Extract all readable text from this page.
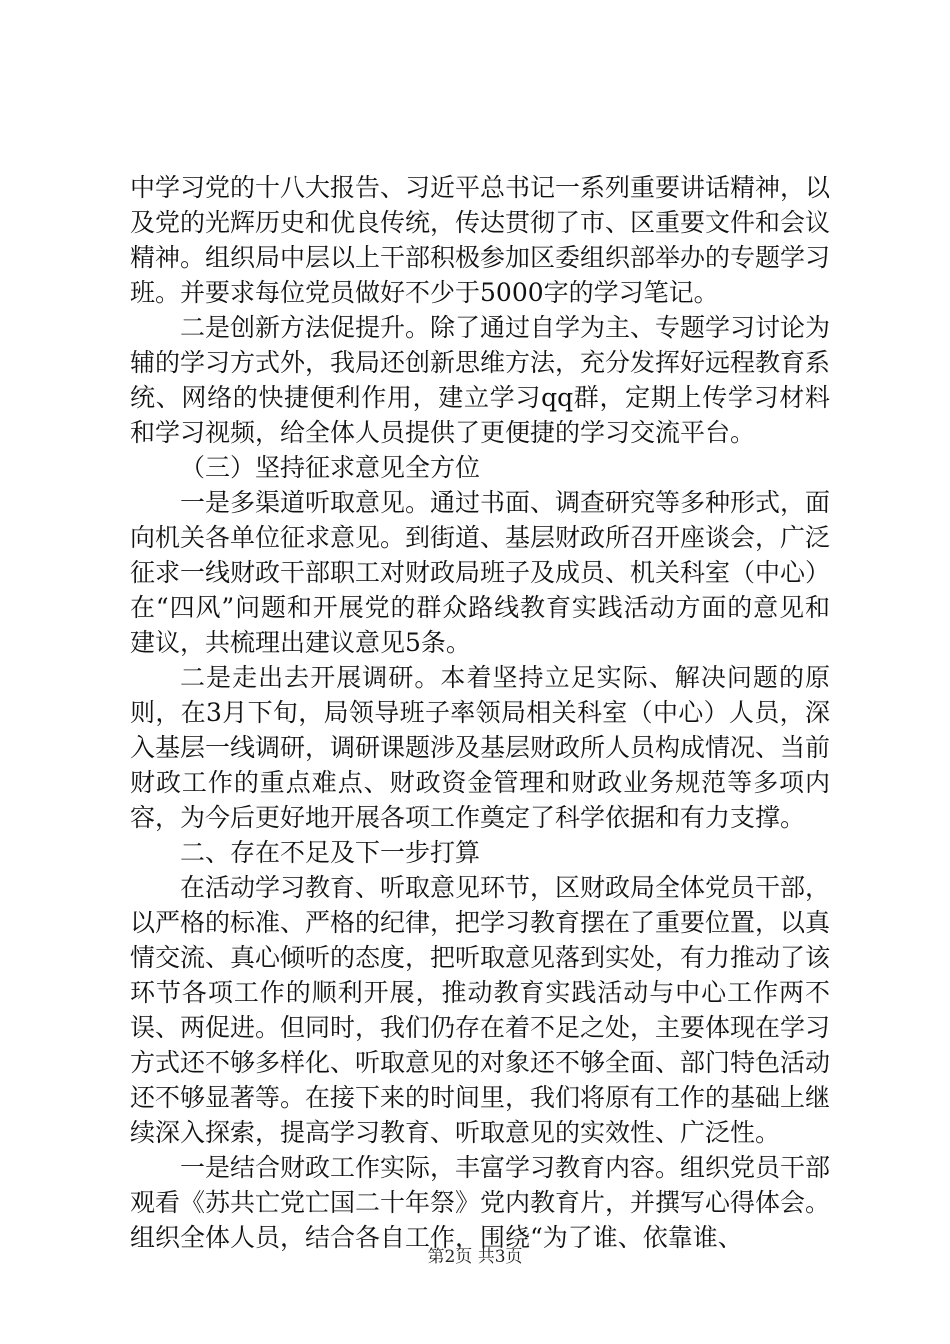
中学习党的十八大报告、习近平总书记一系列重要讲话精神，以及党的光辉历史和优良传统，传达贯彻了市、区重要文件和会议精神。组织局中层以上干部积极参加区委组织部举办的专题学习班。并要求每位党员做好不少于5000字的学习笔记。

二是创新方法促提升。除了通过自学为主、专题学习讨论为辅的学习方式外，我局还创新思维方法，充分发挥好远程教育系统、网络的快捷便利作用，建立学习qq群，定期上传学习材料和学习视频，给全体人员提供了更便捷的学习交流平台。

（三）坚持征求意见全方位

一是多渠道听取意见。通过书面、调查研究等多种形式，面向机关各单位征求意见。到街道、基层财政所召开座谈会，广泛征求一线财政干部职工对财政局班子及成员、机关科室（中心）在“四风”问题和开展党的群众路线教育实践活动方面的意见和建议，共梳理出建议意见5条。

二是走出去开展调研。本着坚持立足实际、解决问题的原则，在3月下旬，局领导班子率领局相关科室（中心）人员，深入基层一线调研，调研课题涉及基层财政所人员构成情况、当前财政工作的重点难点、财政资金管理和财政业务规范等多项内容，为今后更好地开展各项工作奠定了科学依据和有力支撑。

二、存在不足及下一步打算

在活动学习教育、听取意见环节，区财政局全体党员干部，以严格的标准、严格的纪律，把学习教育摆在了重要位置，以真情交流、真心倾听的态度，把听取意见落到实处，有力推动了该环节各项工作的顺利开展，推动教育实践活动与中心工作两不误、两促进。但同时，我们仍存在着不足之处，主要体现在学习方式还不够多样化、听取意见的对象还不够全面、部门特色活动还不够显著等。在接下来的时间里，我们将原有工作的基础上继续深入探索，提高学习教育、听取意见的实效性、广泛性。

一是结合财政工作实际，丰富学习教育内容。组织党员干部观看《苏共亡党亡国二十年祭》党内教育片，并撰写心得体会。组织全体人员，结合各自工作，围绕“为了谁、依靠谁、

第2页 共3页
